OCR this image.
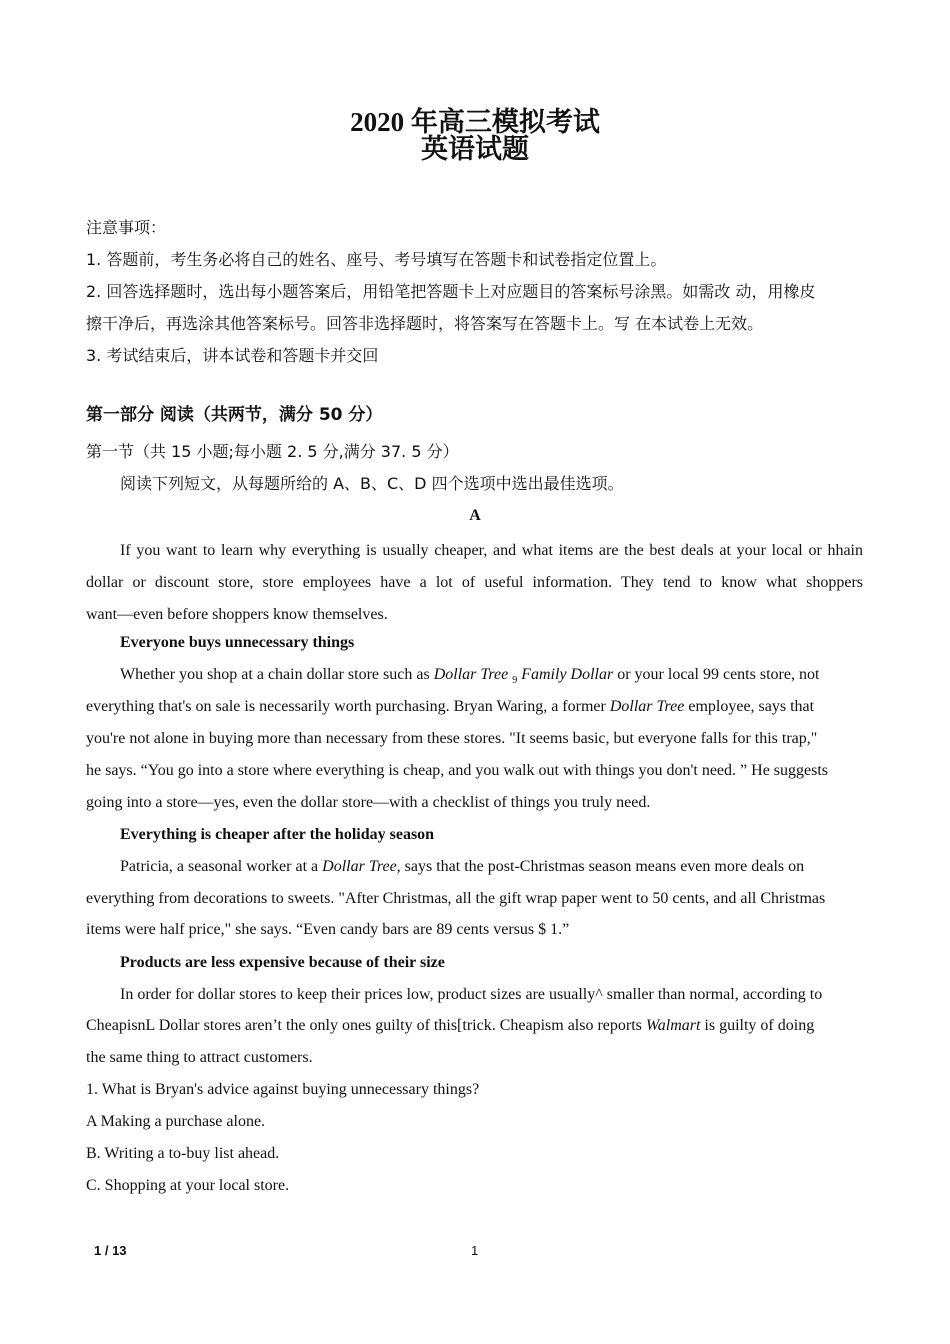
2020 年高三模拟考试
英语试题
注意事项：
1. 答题前，考生务必将自己的姓名、座号、考号填写在答题卡和试卷指定位置上。
2. 回答选择题时，选出每小题答案后，用铅笔把答题卡上对应题目的答案标号涂黑。如需改 动，用橡皮
擦干净后，再选涂其他答案标号。回答非选择题时，将答案写在答题卡上。写 在本试卷上无效。
3. 考试结束后，讲本试卷和答题卡并交回
第一部分 阅读（共两节，满分 50 分）
第一节（共 15 小题;每小题 2. 5 分,满分 37. 5 分）
阅读下列短文，从每题所给的 A、B、C、D 四个选项中选出最佳选项。
A
If you want to learn why everything is usually cheaper, and what items are the best deals at your local or hhain
dollar or discount store, store employees have a lot of useful information. They tend to know what shoppers
want—even before shoppers know themselves.
Everyone buys unnecessary things
Whether you shop at a chain dollar store such as Dollar Tree $_9$ Family Dollar or your local 99 cents store, not
everything that's on sale is necessarily worth purchasing. Bryan Waring, a former Dollar Tree employee, says that
you're not alone in buying more than necessary from these stores. "It seems basic, but everyone falls for this trap,"
he says. “You go into a store where everything is cheap, and you walk out with things you don't need. ” He suggests
going into a store—yes, even the dollar store—with a checklist of things you truly need.
Everything is cheaper after the holiday season
Patricia, a seasonal worker at a Dollar Tree, says that the post-Christmas season means even more deals on
everything from decorations to sweets. "After Christmas, all the gift wrap paper went to 50 cents, and all Christmas
items were half price," she says. “Even candy bars are 89 cents versus $ 1.”
Products are less expensive because of their size
In order for dollar stores to keep their prices low, product sizes are usually^ smaller than normal, according to
CheapisnL Dollar stores aren’t the only ones guilty of this[trick. Cheapism also reports Walmart is guilty of doing
the same thing to attract customers.
1. What is Bryan's advice against buying unnecessary things?
A Making a purchase alone.
B. Writing a to-buy list ahead.
C. Shopping at your local store.
1 / 13	1
